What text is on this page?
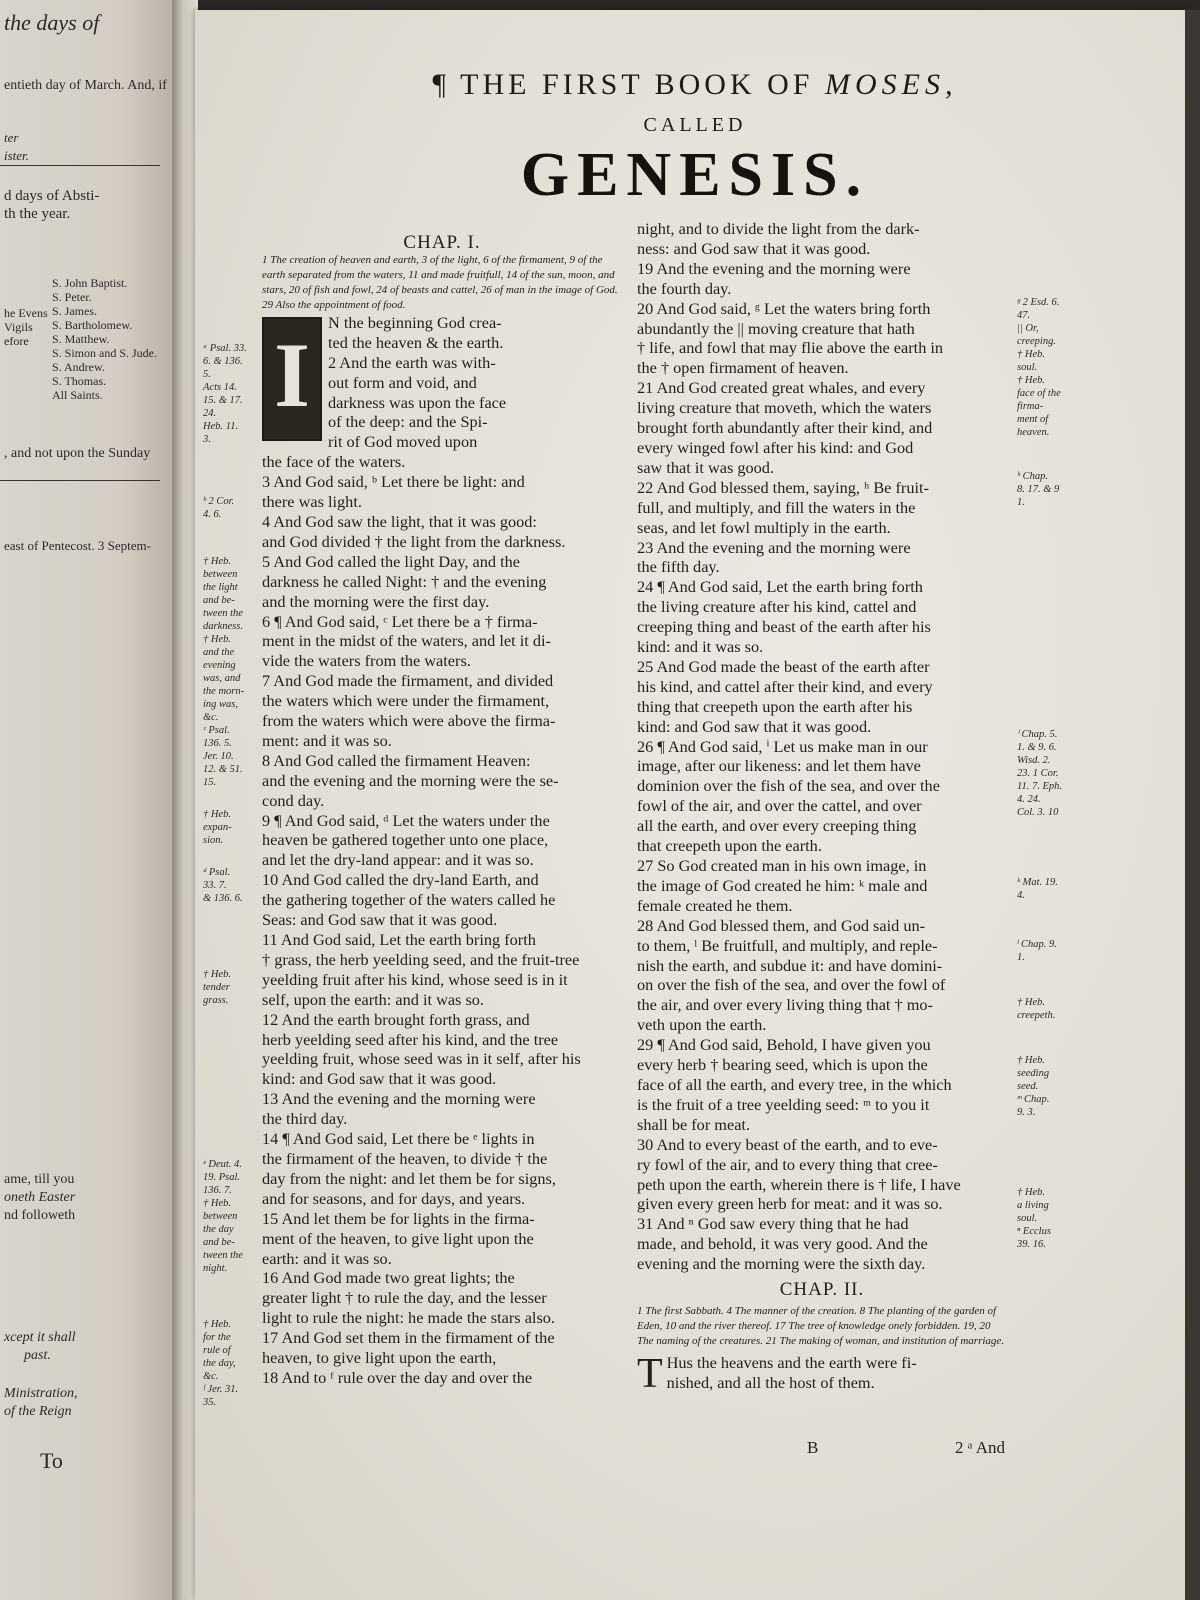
To
the days of
entieth day of March. And, if
ter
ister.
d days of Absti-
th the year.
S. John Baptist.
S. Peter.
S. James.
S. Bartholomew.
S. Matthew.
S. Simon and S. Jude.
S. Andrew.
S. Thomas.
All Saints.
he Evens
Vigils
efore
, and not upon the Sunday
east of Pentecost. 3 Septem-
ame, till you
oneth Easter
nd followeth
xcept it shall
past.
Ministration,
of the Reign
¶ THE FIRST BOOK OF MOSES,
CALLED
GENESIS.

CHAP. I.

1 The creation of heaven and earth, 3 of the light, 6 of the firmament, 9 of the earth separated from the waters, 11 and made fruitfull, 14 of the sun, moon, and stars, 20 of fish and fowl, 24 of beasts and cattel, 26 of man in the image of God. 29 Also the appointment of food.

I
N the beginning God crea-
ted the heaven & the earth.
2 And the earth was with-
out form and void, and
darkness was upon the face
of the deep: and the Spi-
rit of God moved upon
the face of the waters.
3 And God said, ᵇ Let there be light: and
there was light.
4 And God saw the light, that it was good:
and God divided † the light from the darkness.
5 And God called the light Day, and the
darkness he called Night: † and the evening
and the morning were the first day.
6 ¶ And God said, ᶜ Let there be a † firma-
ment in the midst of the waters, and let it di-
vide the waters from the waters.
7 And God made the firmament, and divided
the waters which were under the firmament,
from the waters which were above the firma-
ment: and it was so.
8 And God called the firmament Heaven:
and the evening and the morning were the se-
cond day.
9 ¶ And God said, ᵈ Let the waters under the
heaven be gathered together unto one place,
and let the dry-land appear: and it was so.
10 And God called the dry-land Earth, and
the gathering together of the waters called he
Seas: and God saw that it was good.
11 And God said, Let the earth bring forth
† grass, the herb yeelding seed, and the fruit-tree
yeelding fruit after his kind, whose seed is in it
self, upon the earth: and it was so.
12 And the earth brought forth grass, and
herb yeelding seed after his kind, and the tree
yeelding fruit, whose seed was in it self, after his
kind: and God saw that it was good.
13 And the evening and the morning were
the third day.
14 ¶ And God said, Let there be ᵉ lights in
the firmament of the heaven, to divide † the
day from the night: and let them be for signs,
and for seasons, and for days, and years.
15 And let them be for lights in the firma-
ment of the heaven, to give light upon the
earth: and it was so.
16 And God made two great lights; the
greater light † to rule the day, and the lesser
light to rule the night: he made the stars also.
17 And God set them in the firmament of the
heaven, to give light upon the earth,
18 And to ᶠ rule over the day and over the
night, and to divide the light from the dark-
ness: and God saw that it was good.
19 And the evening and the morning were
the fourth day.
20 And God said, ᵍ Let the waters bring forth
abundantly the || moving creature that hath
† life, and fowl that may flie above the earth in
the † open firmament of heaven.
21 And God created great whales, and every
living creature that moveth, which the waters
brought forth abundantly after their kind, and
every winged fowl after his kind: and God
saw that it was good.
22 And God blessed them, saying, ʰ Be fruit-
full, and multiply, and fill the waters in the
seas, and let fowl multiply in the earth.
23 And the evening and the morning were
the fifth day.
24 ¶ And God said, Let the earth bring forth
the living creature after his kind, cattel and
creeping thing and beast of the earth after his
kind: and it was so.
25 And God made the beast of the earth after
his kind, and cattel after their kind, and every
thing that creepeth upon the earth after his
kind: and God saw that it was good.
26 ¶ And God said, ⁱ Let us make man in our
image, after our likeness: and let them have
dominion over the fish of the sea, and over the
fowl of the air, and over the cattel, and over
all the earth, and over every creeping thing
that creepeth upon the earth.
27 So God created man in his own image, in
the image of God created he him: ᵏ male and
female created he them.
28 And God blessed them, and God said un-
to them, ˡ Be fruitfull, and multiply, and reple-
nish the earth, and subdue it: and have domini-
on over the fish of the sea, and over the fowl of
the air, and over every living thing that † mo-
veth upon the earth.
29 ¶ And God said, Behold, I have given you
every herb † bearing seed, which is upon the
face of all the earth, and every tree, in the which
is the fruit of a tree yeelding seed: ᵐ to you it
shall be for meat.
30 And to every beast of the earth, and to eve-
ry fowl of the air, and to every thing that cree-
peth upon the earth, wherein there is † life, I have
given every green herb for meat: and it was so.
31 And ⁿ God saw every thing that he had
made, and behold, it was very good. And the
evening and the morning were the sixth day.

CHAP. II.

1 The first Sabbath. 4 The manner of the creation. 8 The planting of the garden of Eden, 10 and the river thereof. 17 The tree of knowledge onely forbidden. 19, 20 The naming of the creatures. 21 The making of woman, and institution of marriage.

T Hus the heavens and the earth were fi-
nished, and all the host of them.
B	2 ᵃ And
ᵃ Psal. 33.
6. & 136.
5.
Acts 14.
15. & 17.
24.
Heb. 11.
3.
ᵇ 2 Cor.
4. 6.
† Heb.
between
the light
and be-
tween the
darkness.
† Heb.
and the
evening
was, and
the morn-
ing was,
&c.
ᶜ Psal.
136. 5.
Jer. 10.
12. & 51.
15.
† Heb.
expan-
sion.
ᵈ Psal.
33. 7.
& 136. 6.
† Heb.
tender
grass.
ᵉ Deut. 4.
19. Psal.
136. 7.
† Heb.
between
the day
and be-
tween the
night.
† Heb.
for the
rule of
the day,
&c.
ᶠ Jer. 31.
35.
ᵍ 2 Esd. 6.
47.
|| Or,
creeping.
† Heb.
soul.
† Heb.
face of the
firma-
ment of
heaven.
ʰ Chap.
8. 17. & 9
1.
ⁱ Chap. 5.
1. & 9. 6.
Wisd. 2.
23. 1 Cor.
11. 7. Eph.
4. 24.
Col. 3. 10
ᵏ Mat. 19.
4.
ˡ Chap. 9.
1.
† Heb.
creepeth.
† Heb.
seeding
seed.
ᵐ Chap.
9. 3.
† Heb.
a living
soul.
ⁿ Ecclus
39. 16.
